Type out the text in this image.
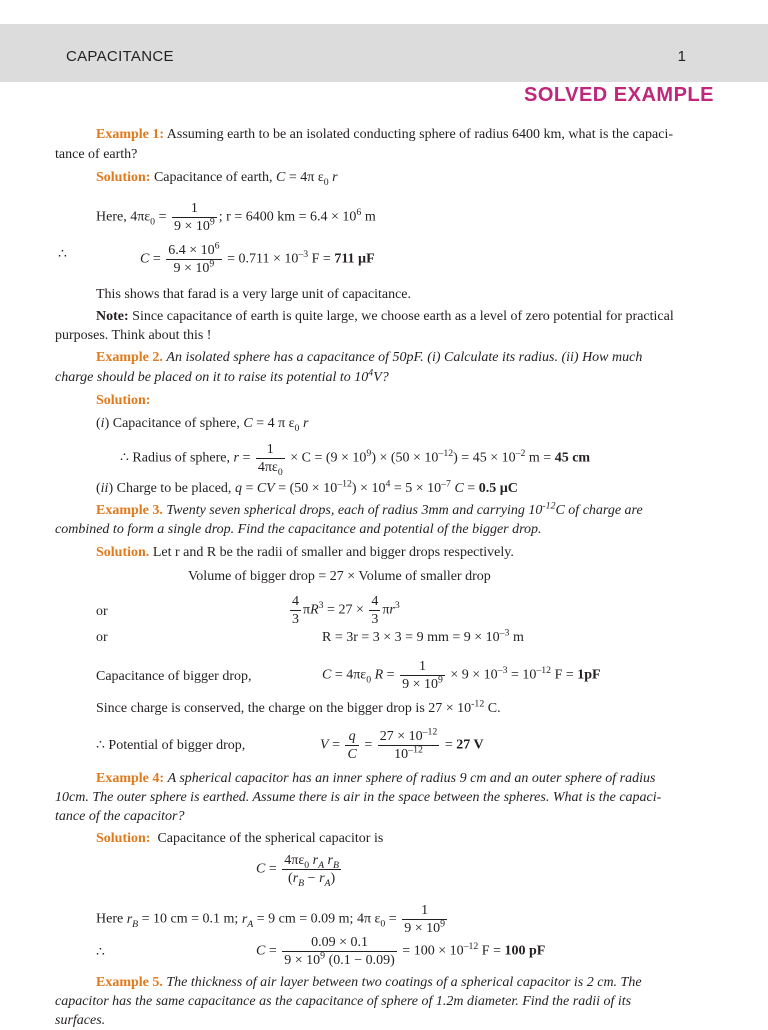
CAPACITANCE	1
SOLVED EXAMPLE
Example 1: Assuming earth to be an isolated conducting sphere of radius 6400 km, what is the capaci-
tance of earth?
Solution: Capacitance of earth, C = 4π $\varepsilon_0$ r
Here, $4\pi\varepsilon_0 = \frac{1}{9 \times 10^9}$ ; r = 6400 km = $6.4 \times 10^6$ m
∴	$C = \frac{6.4 \times 10^6}{9 \times 10^9} = 0.711 \times 10^{-3}$ F = 711 µF
This shows that farad is a very large unit of capacitance.
Note: Since capacitance of earth is quite large, we choose earth as a level of zero potential for practical
purposes. Think about this !
Example 2. An isolated sphere has a capacitance of 50pF. (i) Calculate its radius. (ii) How much
charge should be placed on it to raise its potential to $10^4V$?
Solution:
(i) Capacitance of sphere, C = 4 π $\varepsilon_0$ r
∴ Radius of sphere, $r = \frac{1}{4\pi\varepsilon_0} \times C = (9 \times 10^9) \times (50 \times 10^{-12}) = 45 \times 10^{-2}$ m = 45 cm
(ii) Charge to be placed, q = CV = $(50 \times 10^{-12}) \times 10^4 = 5 \times 10^{-7}$ C = 0.5 µC
Example 3. Twenty seven spherical drops, each of radius 3mm and carrying $10^{-12}C$ of charge are
combined to form a single drop. Find the capacitance and potential of the bigger drop.
Solution. Let r and R be the radii of smaller and bigger drops respectively.
Volume of bigger drop = 27 × Volume of smaller drop
or	$\frac{4}{3} \pi R^3 = 27 \times \frac{4}{3} \pi r^3$
or	R = 3r = 3 × 3 = 9 mm = $9 \times 10^{-3}$ m
Capacitance of bigger drop,	$C = 4\pi\varepsilon_0$ $R = \frac{1}{9 \times 10^9} \times 9 \times 10^{-3} = 10^{-12}$ F = 1pF
Since charge is conserved, the charge on the bigger drop is $27 \times 10^{-12}$ C.
∴ Potential of bigger drop,	$V = \frac{q}{C} = \frac{27 \times 10^{-12}}{10^{-12}} = 27$ V
Example 4: A spherical capacitor has an inner sphere of radius 9 cm and an outer sphere of radius
10cm. The outer sphere is earthed. Assume there is air in the space between the spheres. What is the capaci-
tance of the capacitor?
Solution: Capacitance of the spherical capacitor is
$C = \frac{4\pi\varepsilon_0 r_A r_B}{(r_B - r_A)}$
Here $r_B = 10$ cm = 0.1 m; $r_A = 9$ cm = 0.09 m; 4π $\varepsilon_0 = \frac{1}{9 \times 10^9}$
∴	$C = \frac{0.09 \times 0.1}{9 \times 10^9 (0.1 - 0.09)} = 100 \times 10^{-12}$ F = 100 pF
Example 5. The thickness of air layer between two coatings of a spherical capacitor is 2 cm. The
capacitor has the same capacitance as the capacitance of sphere of 1.2m diameter. Find the radii of its
surfaces.
